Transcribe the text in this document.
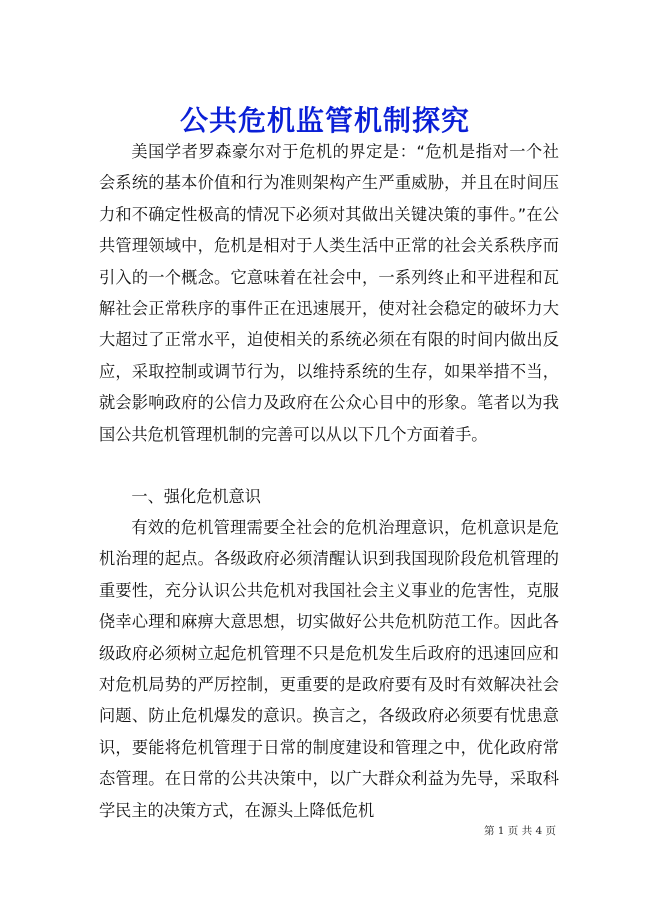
公共危机监管机制探究

美国学者罗森豪尔对于危机的界定是：“危机是指对一个社会系统的基本价值和行为准则架构产生严重威胁，并且在时间压力和不确定性极高的情况下必须对其做出关键决策的事件。”在公共管理领域中，危机是相对于人类生活中正常的社会关系秩序而引入的一个概念。它意味着在社会中，一系列终止和平进程和瓦解社会正常秩序的事件正在迅速展开，使对社会稳定的破坏力大大超过了正常水平，迫使相关的系统必须在有限的时间内做出反应，采取控制或调节行为，以维持系统的生存，如果举措不当，就会影响政府的公信力及政府在公众心目中的形象。笔者以为我国公共危机管理机制的完善可以从以下几个方面着手。

一、强化危机意识

有效的危机管理需要全社会的危机治理意识，危机意识是危机治理的起点。各级政府必须清醒认识到我国现阶段危机管理的重要性，充分认识公共危机对我国社会主义事业的危害性，克服侥幸心理和麻痹大意思想，切实做好公共危机防范工作。因此各级政府必须树立起危机管理不只是危机发生后政府的迅速回应和对危机局势的严厉控制，更重要的是政府要有及时有效解决社会问题、防止危机爆发的意识。换言之，各级政府必须要有忧患意识，要能将危机管理于日常的制度建设和管理之中，优化政府常态管理。在日常的公共决策中，以广大群众利益为先导，采取科学民主的决策方式，在源头上降低危机

第 1 页 共 4 页
